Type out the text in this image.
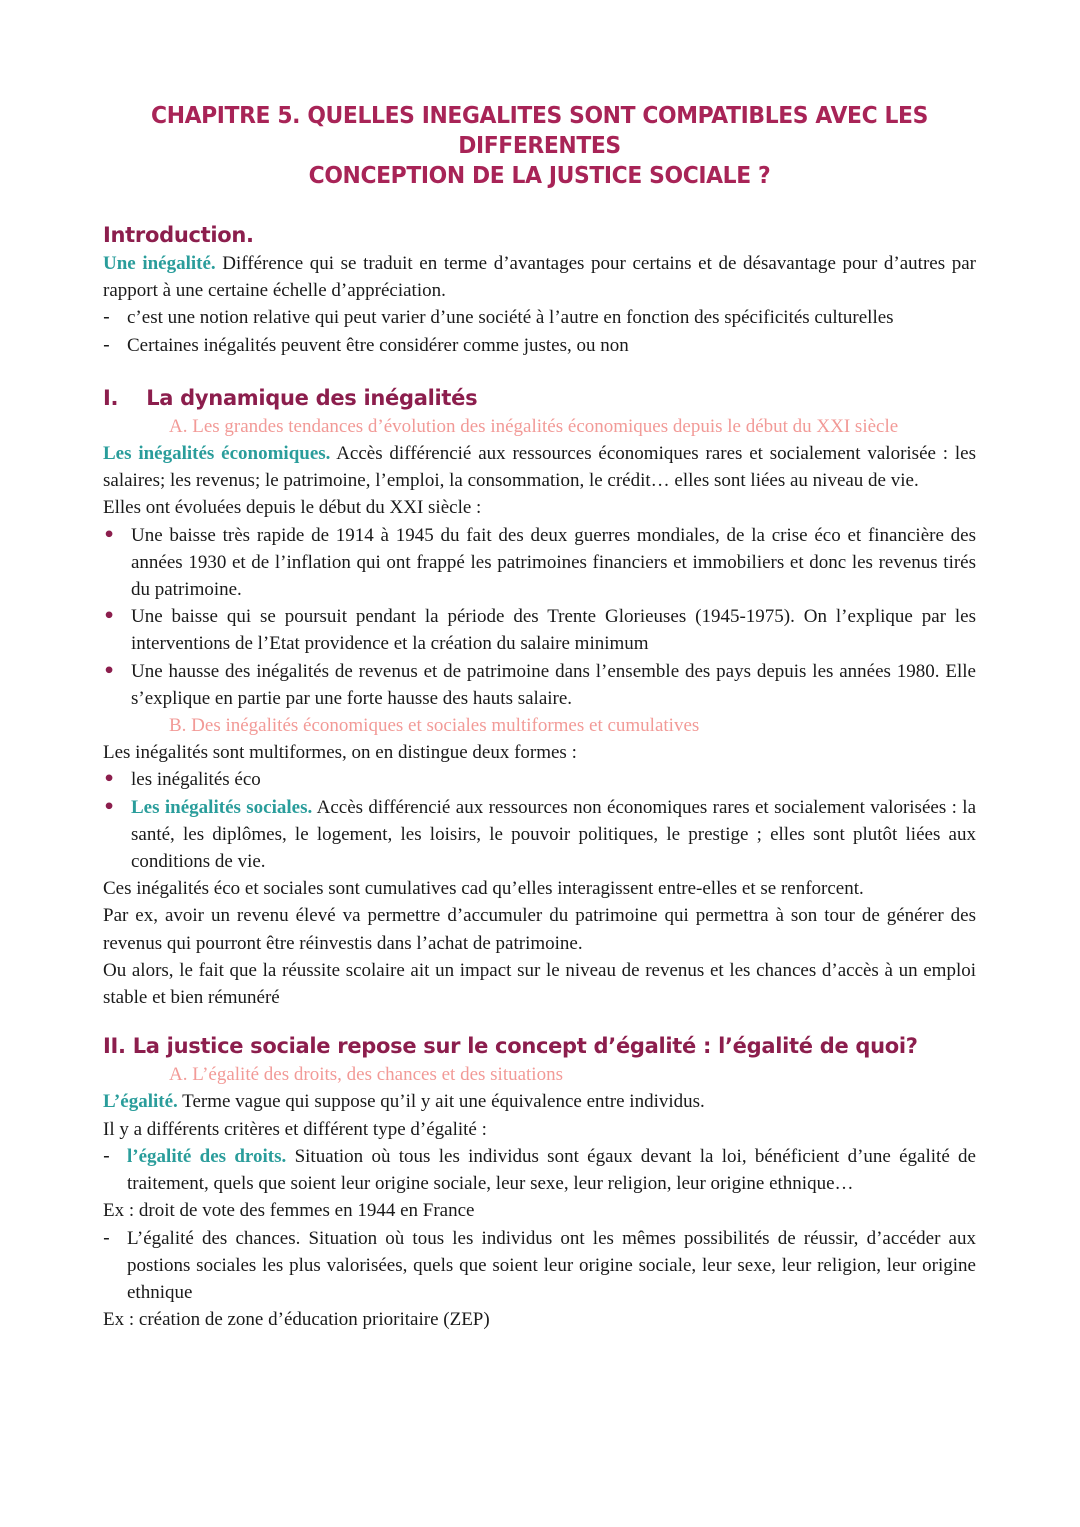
CHAPITRE 5. QUELLES INEGALITES SONT COMPATIBLES AVEC LES DIFFERENTES
CONCEPTION DE LA JUSTICE SOCIALE ?
Introduction.

Une inégalité. Différence qui se traduit en terme d’avantages pour certains et de désavantage pour d’autres par rapport à une certaine échelle d’appréciation.

- c’est une notion relative qui peut varier d’une société à l’autre en fonction des spécificités culturelles
- Certaines inégalités peuvent être considérer comme justes, ou non
I. La dynamique des inégalités

A. Les grandes tendances d’évolution des inégalités économiques depuis le début du XXI siècle

Les inégalités économiques. Accès différencié aux ressources économiques rares et socialement valorisée : les salaires; les revenus; le patrimoine, l’emploi, la consommation, le crédit… elles sont liées au niveau de vie.

Elles ont évoluées depuis le début du XXI siècle :

• Une baisse très rapide de 1914 à 1945 du fait des deux guerres mondiales, de la crise éco et financière des années 1930 et de l’inflation qui ont frappé les patrimoines financiers et immobiliers et donc les revenus tirés du patrimoine.
• Une baisse qui se poursuit pendant la période des Trente Glorieuses (1945-1975). On l’explique par les interventions de l’Etat providence et la création du salaire minimum
• Une hausse des inégalités de revenus et de patrimoine dans l’ensemble des pays depuis les années 1980. Elle s’explique en partie par une forte hausse des hauts salaire.

B. Des inégalités économiques et sociales multiformes et cumulatives

Les inégalités sont multiformes, on en distingue deux formes :

• les inégalités éco
• Les inégalités sociales. Accès différencié aux ressources non économiques rares et socialement valorisées : la santé, les diplômes, le logement, les loisirs, le pouvoir politiques, le prestige ; elles sont plutôt liées aux conditions de vie.

Ces inégalités éco et sociales sont cumulatives cad qu’elles interagissent entre-elles et se renforcent.

Par ex, avoir un revenu élevé va permettre d’accumuler du patrimoine qui permettra à son tour de générer des revenus qui pourront être réinvestis dans l’achat de patrimoine.

Ou alors, le fait que la réussite scolaire ait un impact sur le niveau de revenus et les chances d’accès à un emploi stable et bien rémunéré

II. La justice sociale repose sur le concept d’égalité : l’égalité de quoi?

A. L’égalité des droits, des chances et des situations

L’égalité. Terme vague qui suppose qu’il y ait une équivalence entre individus.

Il y a différents critères et différent type d’égalité :

- l’égalité des droits. Situation où tous les individus sont égaux devant la loi, bénéficient d’une égalité de traitement, quels que soient leur origine sociale, leur sexe, leur religion, leur origine ethnique…

Ex : droit de vote des femmes en 1944 en France

- L’égalité des chances. Situation où tous les individus ont les mêmes possibilités de réussir, d’accéder aux postions sociales les plus valorisées, quels que soient leur origine sociale, leur sexe, leur religion, leur origine ethnique

Ex : création de zone d’éducation prioritaire (ZEP)
